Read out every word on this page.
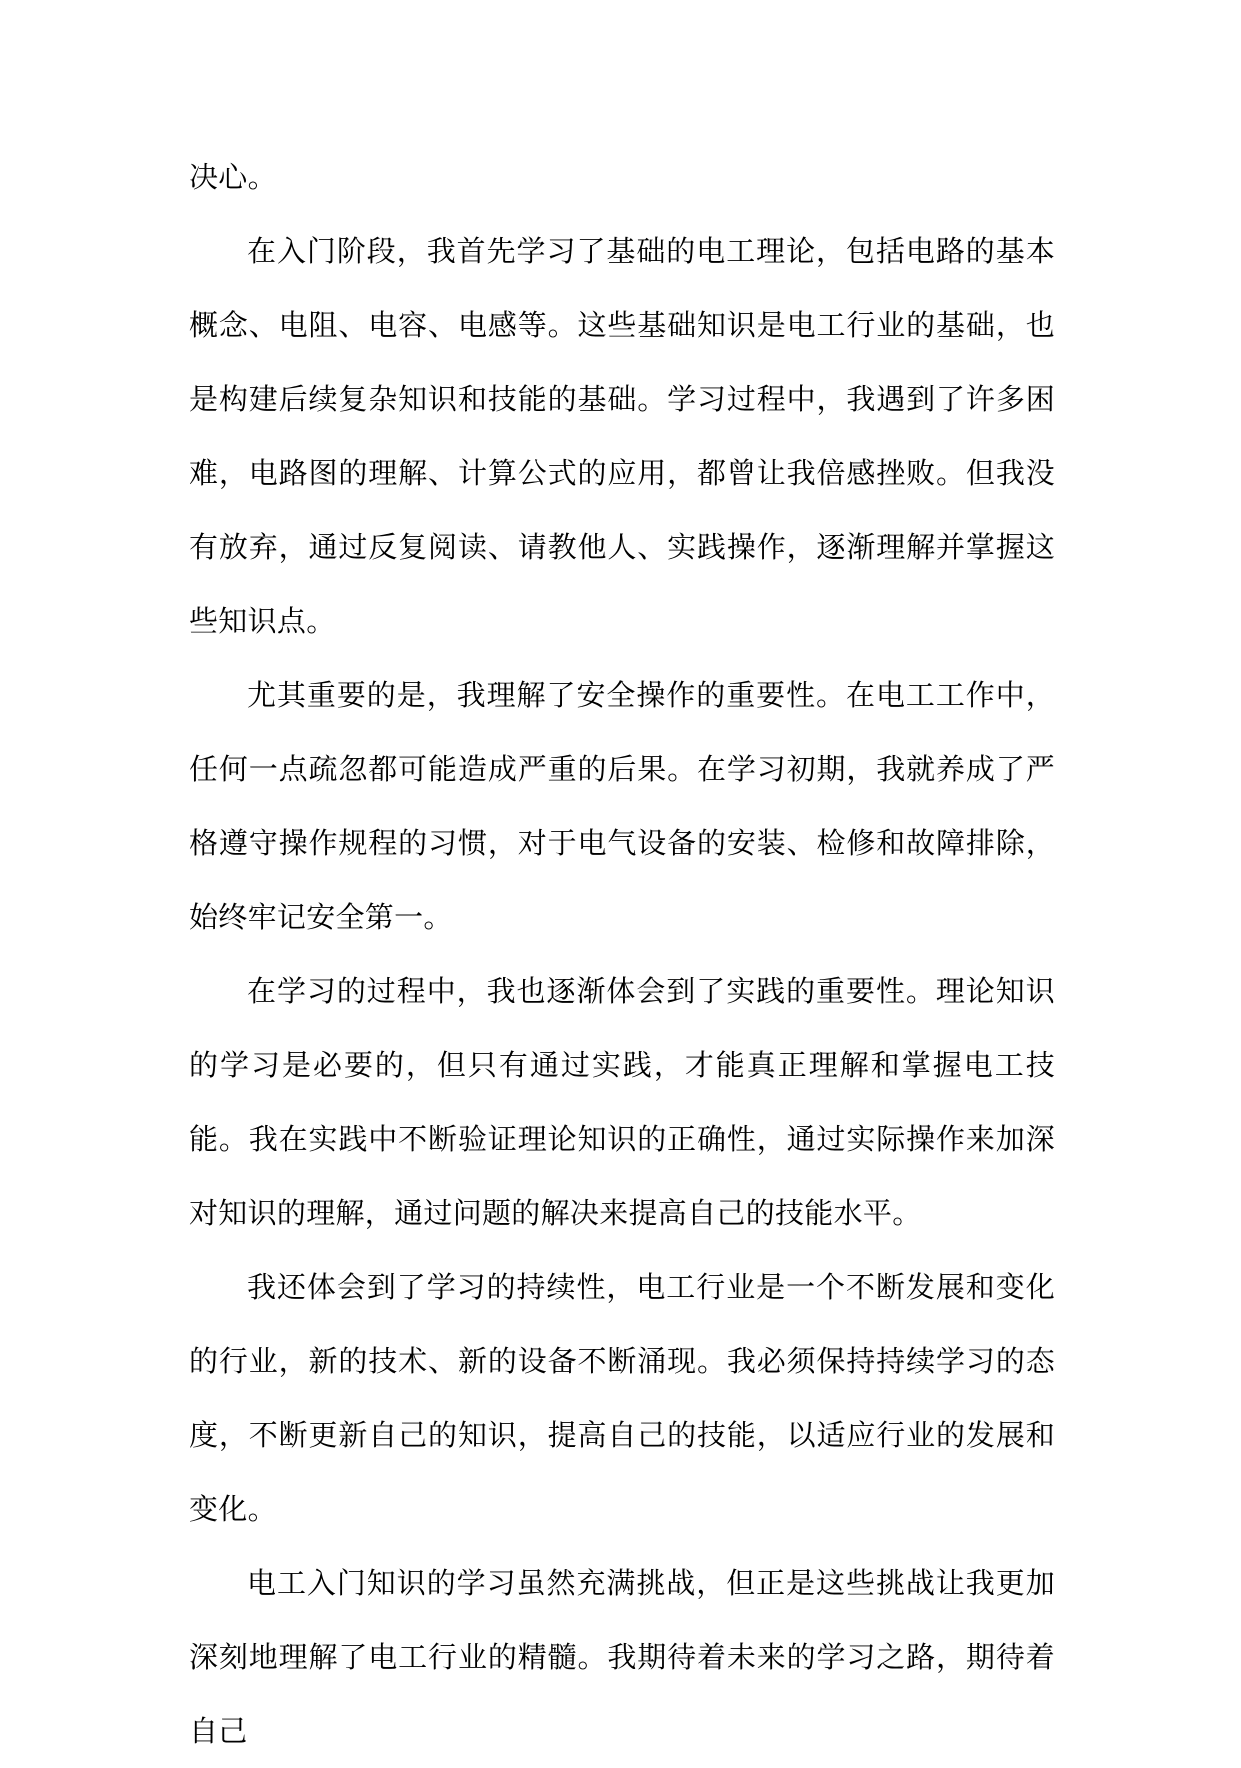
决心。

在入门阶段，我首先学习了基础的电工理论，包括电路的基本概念、电阻、电容、电感等。这些基础知识是电工行业的基础，也是构建后续复杂知识和技能的基础。学习过程中，我遇到了许多困难，电路图的理解、计算公式的应用，都曾让我倍感挫败。但我没有放弃，通过反复阅读、请教他人、实践操作，逐渐理解并掌握这些知识点。

尤其重要的是，我理解了安全操作的重要性。在电工工作中，任何一点疏忽都可能造成严重的后果。在学习初期，我就养成了严格遵守操作规程的习惯，对于电气设备的安装、检修和故障排除，始终牢记安全第一。

在学习的过程中，我也逐渐体会到了实践的重要性。理论知识的学习是必要的，但只有通过实践，才能真正理解和掌握电工技能。我在实践中不断验证理论知识的正确性，通过实际操作来加深对知识的理解，通过问题的解决来提高自己的技能水平。

我还体会到了学习的持续性，电工行业是一个不断发展和变化的行业，新的技术、新的设备不断涌现。我必须保持持续学习的态度，不断更新自己的知识，提高自己的技能，以适应行业的发展和变化。

电工入门知识的学习虽然充满挑战，但正是这些挑战让我更加深刻地理解了电工行业的精髓。我期待着未来的学习之路，期待着自己
